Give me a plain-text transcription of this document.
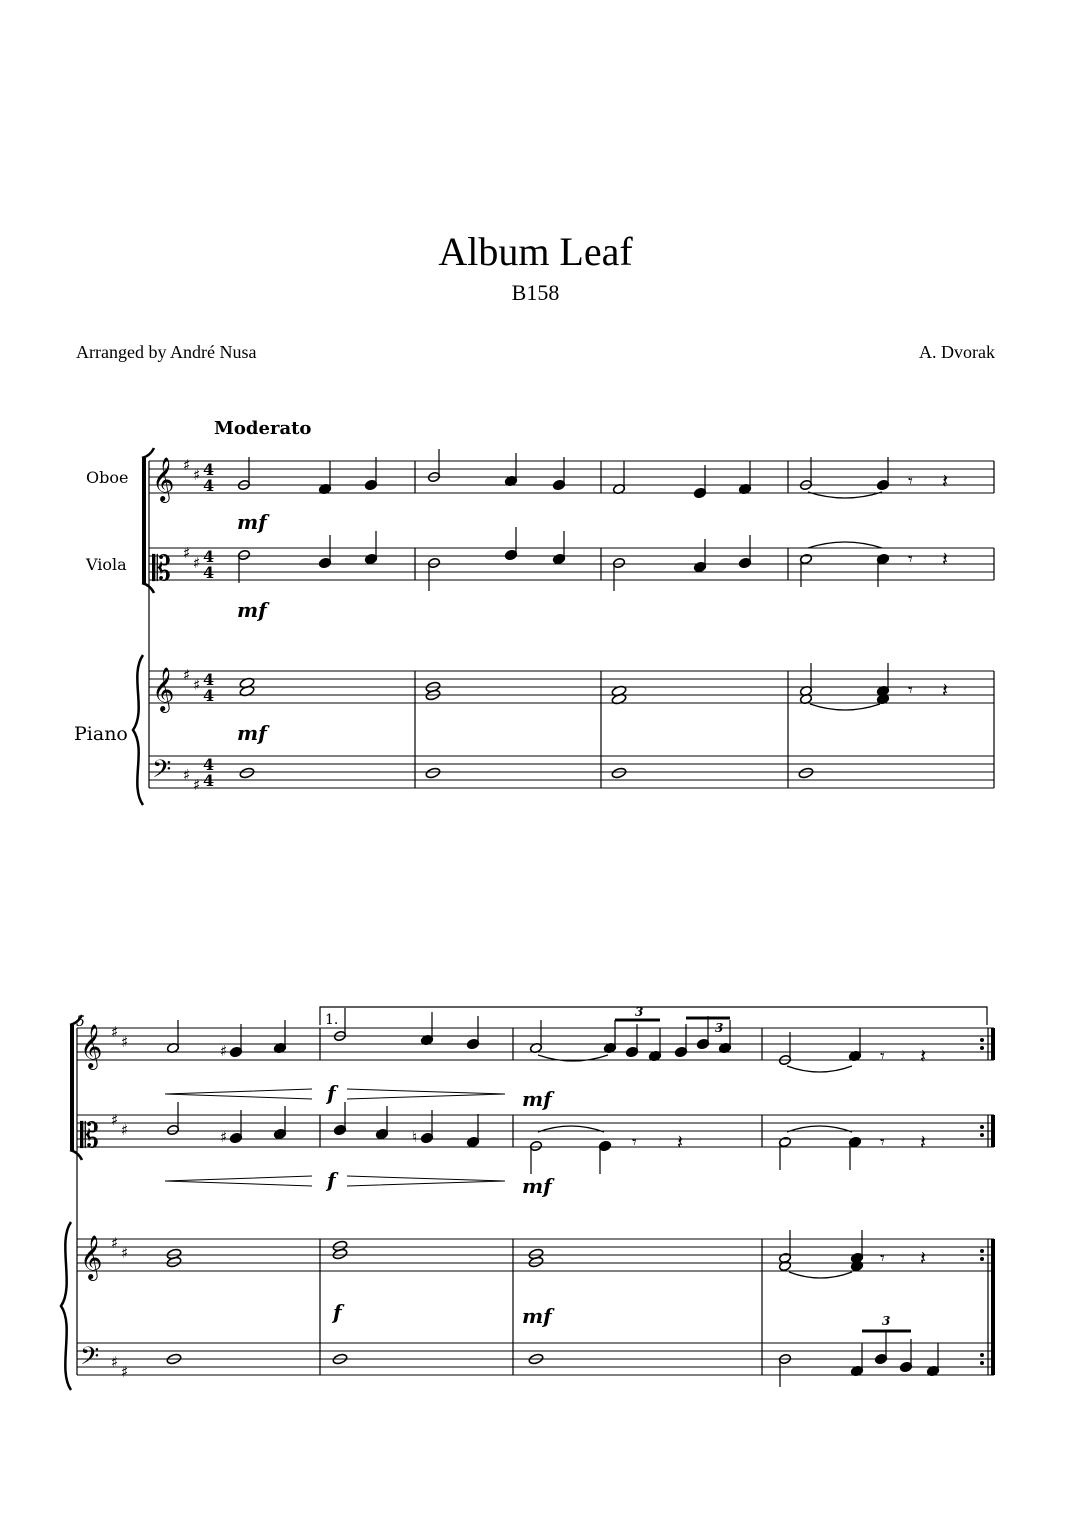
Album Leaf
B158
Arranged by André Nusa	A. Dvorak
Moderato
Oboe
Viola
Piano
5	1.
𝄞 ♯
♯ 4
4
𝄡 ♯
♯ 4
4
𝄞 ♯
♯ 4
4
𝄢 ♯
♯
4
4
𝄞 ♯
♯
𝄡 ♯
♯
𝄞 ♯
♯
𝄢 ♯
♯
𝄾 𝄽
𝄾 𝄽
𝄾 𝄽
♯
3
3
𝄾 𝄽
♯	♮	𝄾 𝄽	𝄾 𝄽
𝄾 𝄽
3
mf
mf
mf
f
f
f
mf
mf
mf
